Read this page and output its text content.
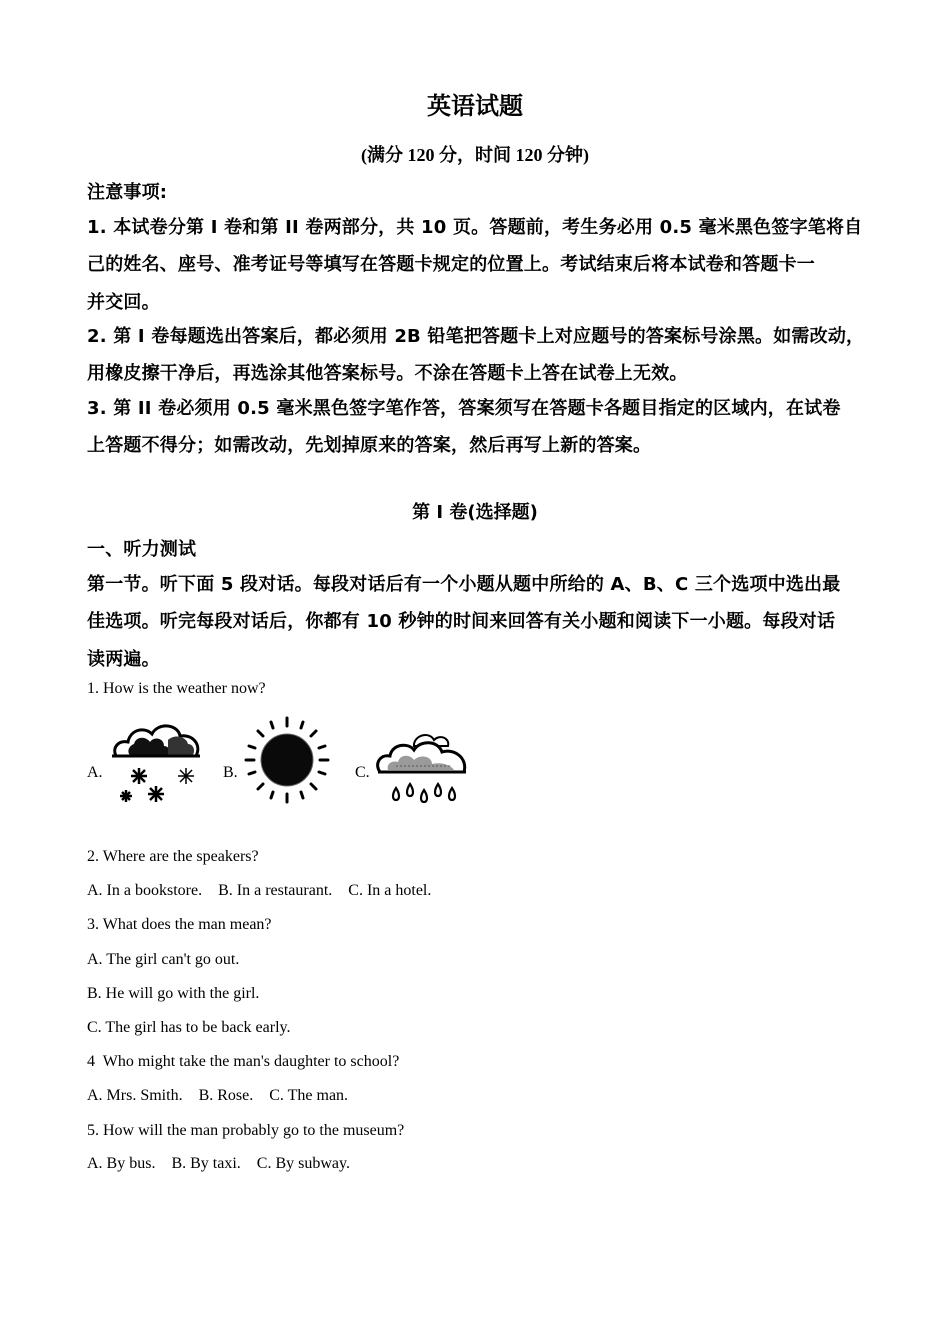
英语试题
(满分 120 分，时间 120 分钟)
注意事项:
1. 本试卷分第 I 卷和第 II 卷两部分，共 10 页。答题前，考生务必用 0.5 毫米黑色签字笔将自
己的姓名、座号、准考证号等填写在答题卡规定的位置上。考试结束后将本试卷和答题卡一
并交回。
2. 第 I 卷每题选出答案后，都必须用 2B 铅笔把答题卡上对应题号的答案标号涂黑。如需改动，
用橡皮擦干净后，再选涂其他答案标号。不涂在答题卡上答在试卷上无效。
3. 第 II 卷必须用 0.5 毫米黑色签字笔作答，答案须写在答题卡各题目指定的区域内，在试卷
上答题不得分；如需改动，先划掉原来的答案，然后再写上新的答案。
第 I 卷(选择题)
一、听力测试
第一节。听下面 5 段对话。每段对话后有一个小题从题中所给的 A、B、C 三个选项中选出最
佳选项。听完每段对话后，你都有 10 秒钟的时间来回答有关小题和阅读下一小题。每段对话
读两遍。
1. How is the weather now?
A.	B.	C.
2. Where are the speakers?
A. In a bookstore.    B. In a restaurant.    C. In a hotel.
3. What does the man mean?
A. The girl can't go out.
B. He will go with the girl.
C. The girl has to be back early.
4  Who might take the man's daughter to school?
A. Mrs. Smith.    B. Rose.    C. The man.
5. How will the man probably go to the museum?
A. By bus.    B. By taxi.    C. By subway.
